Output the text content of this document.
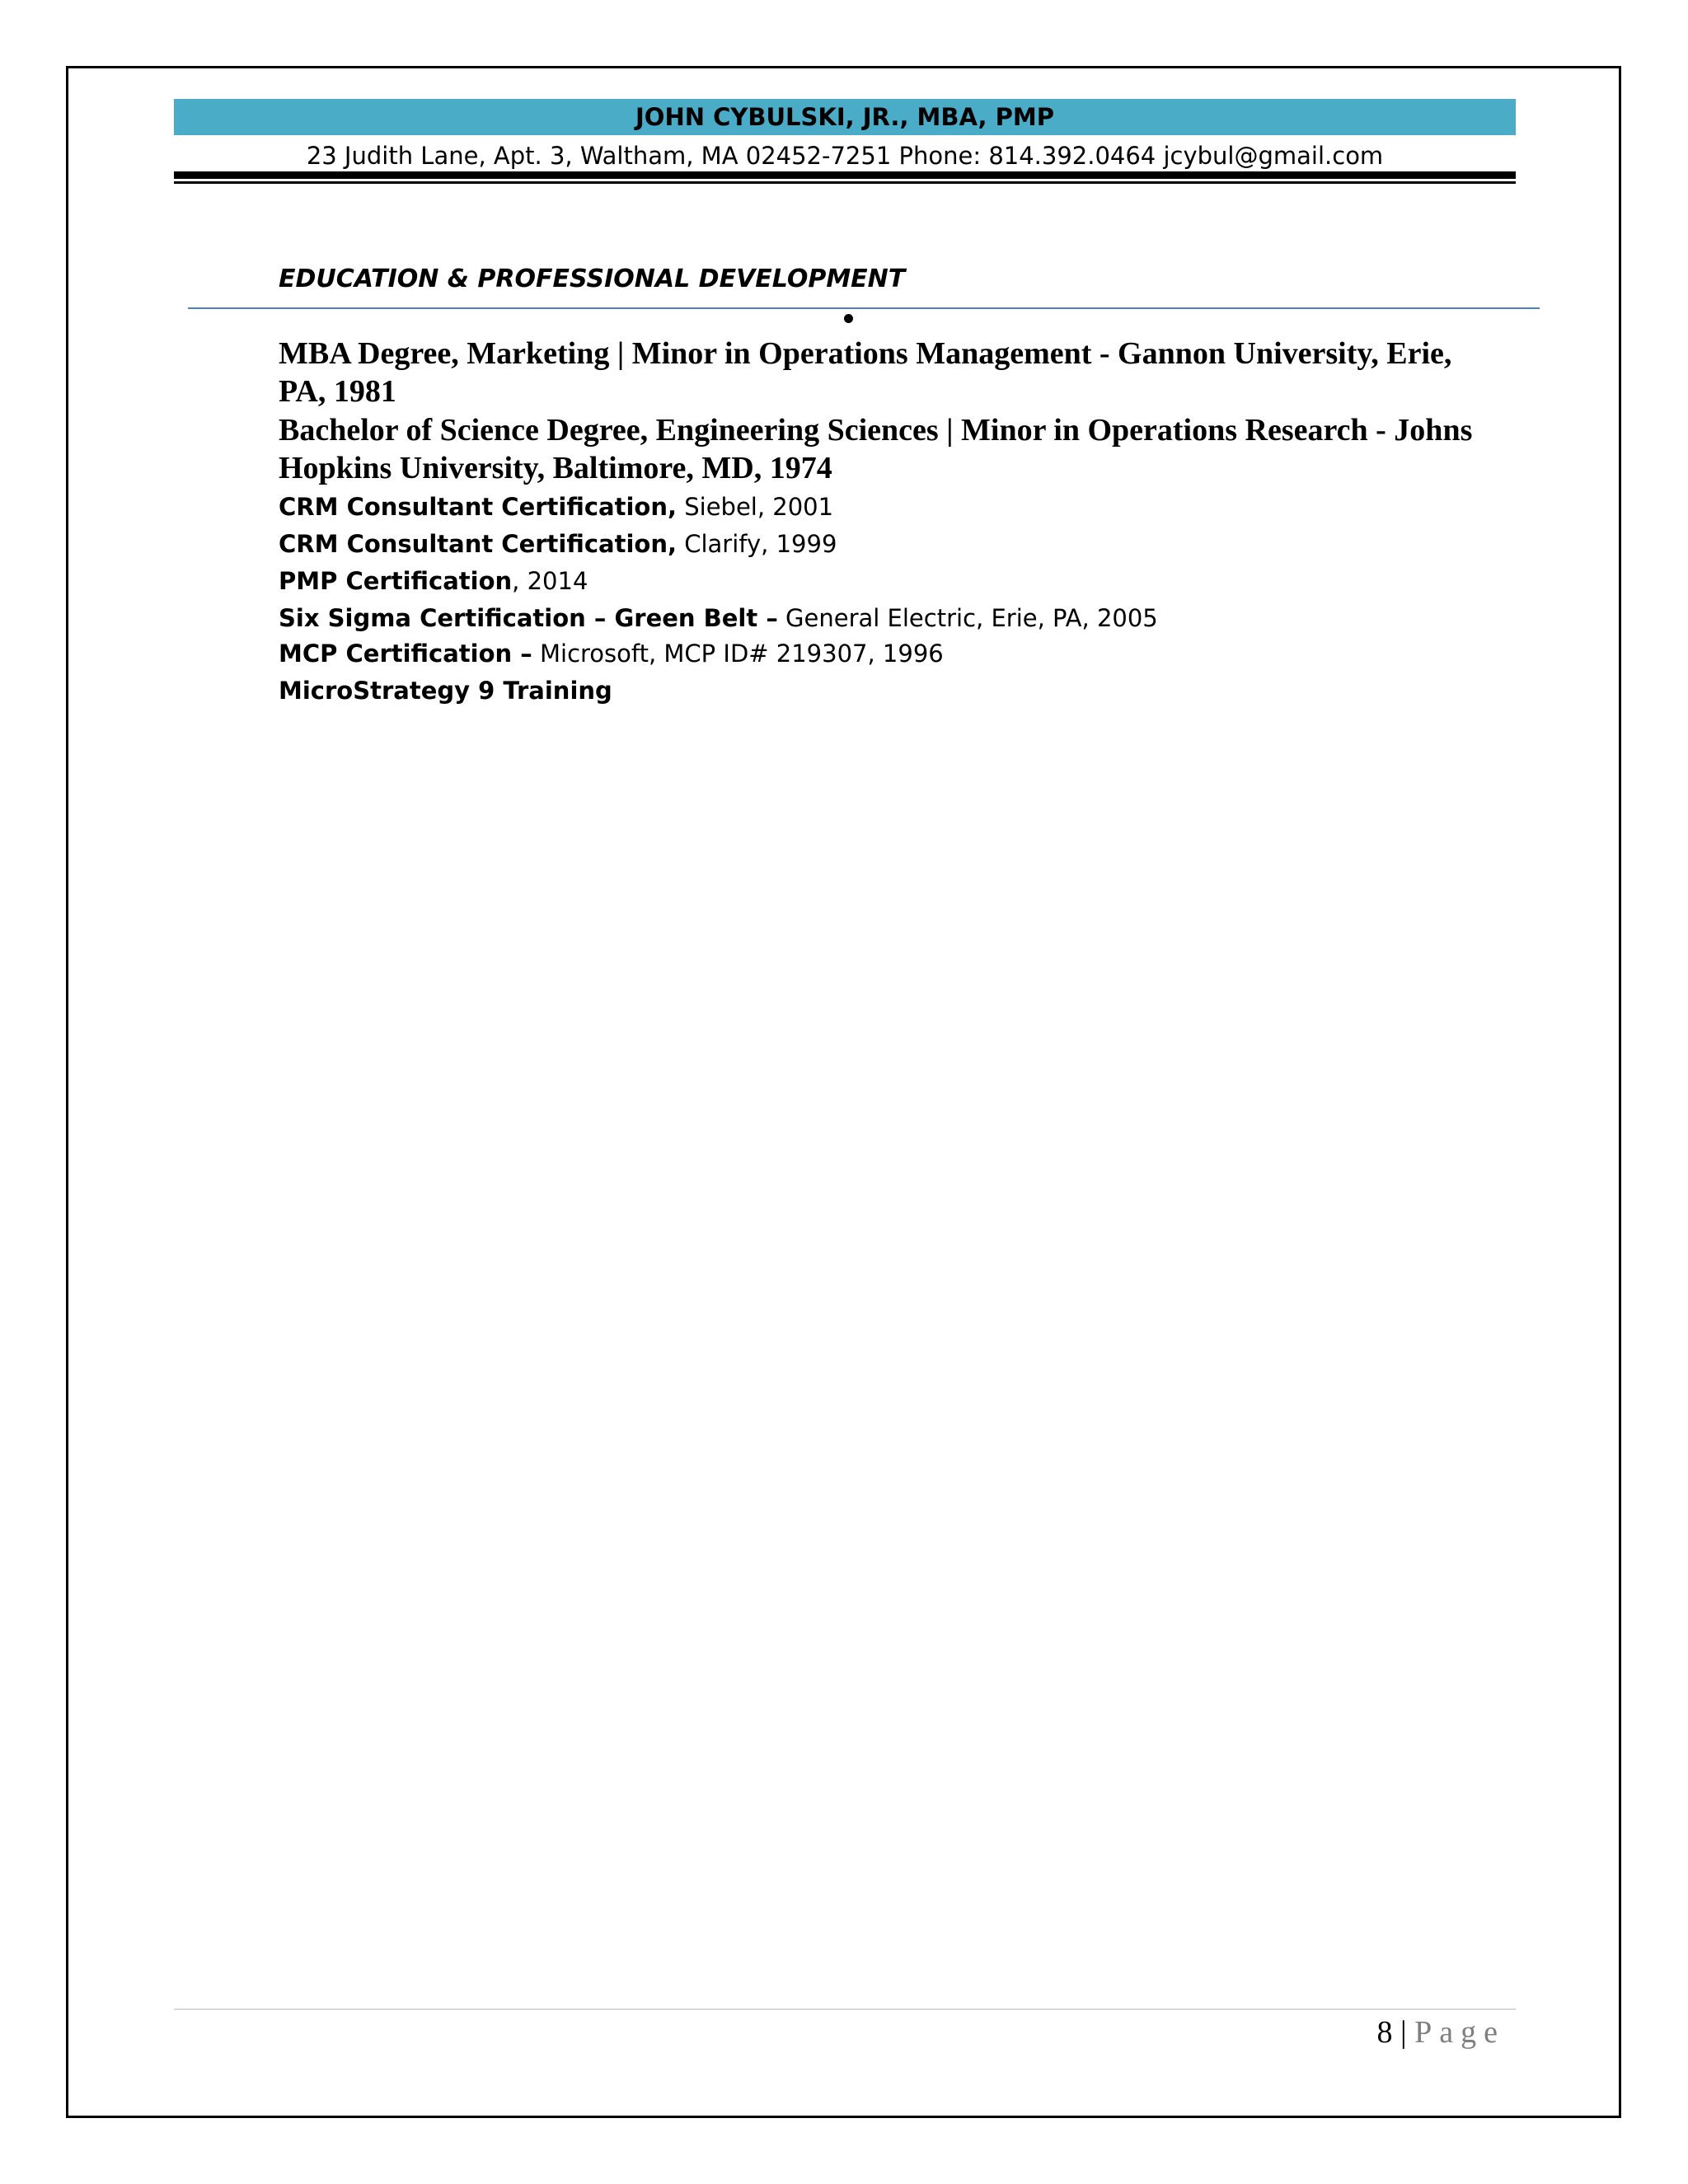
JOHN CYBULSKI, JR., MBA, PMP
23 Judith Lane, Apt. 3, Waltham, MA 02452-7251 Phone: 814.392.0464 jcybul@gmail.com
EDUCATION & PROFESSIONAL DEVELOPMENT
MBA Degree, Marketing | Minor in Operations Management - Gannon University, Erie, PA, 1981
Bachelor of Science Degree, Engineering Sciences | Minor in Operations Research - Johns Hopkins University, Baltimore, MD, 1974
CRM Consultant Certification, Siebel, 2001
CRM Consultant Certification, Clarify, 1999
PMP Certification, 2014
Six Sigma Certification – Green Belt – General Electric, Erie, PA, 2005
MCP Certification – Microsoft, MCP ID# 219307, 1996
MicroStrategy 9 Training
8 | Page
